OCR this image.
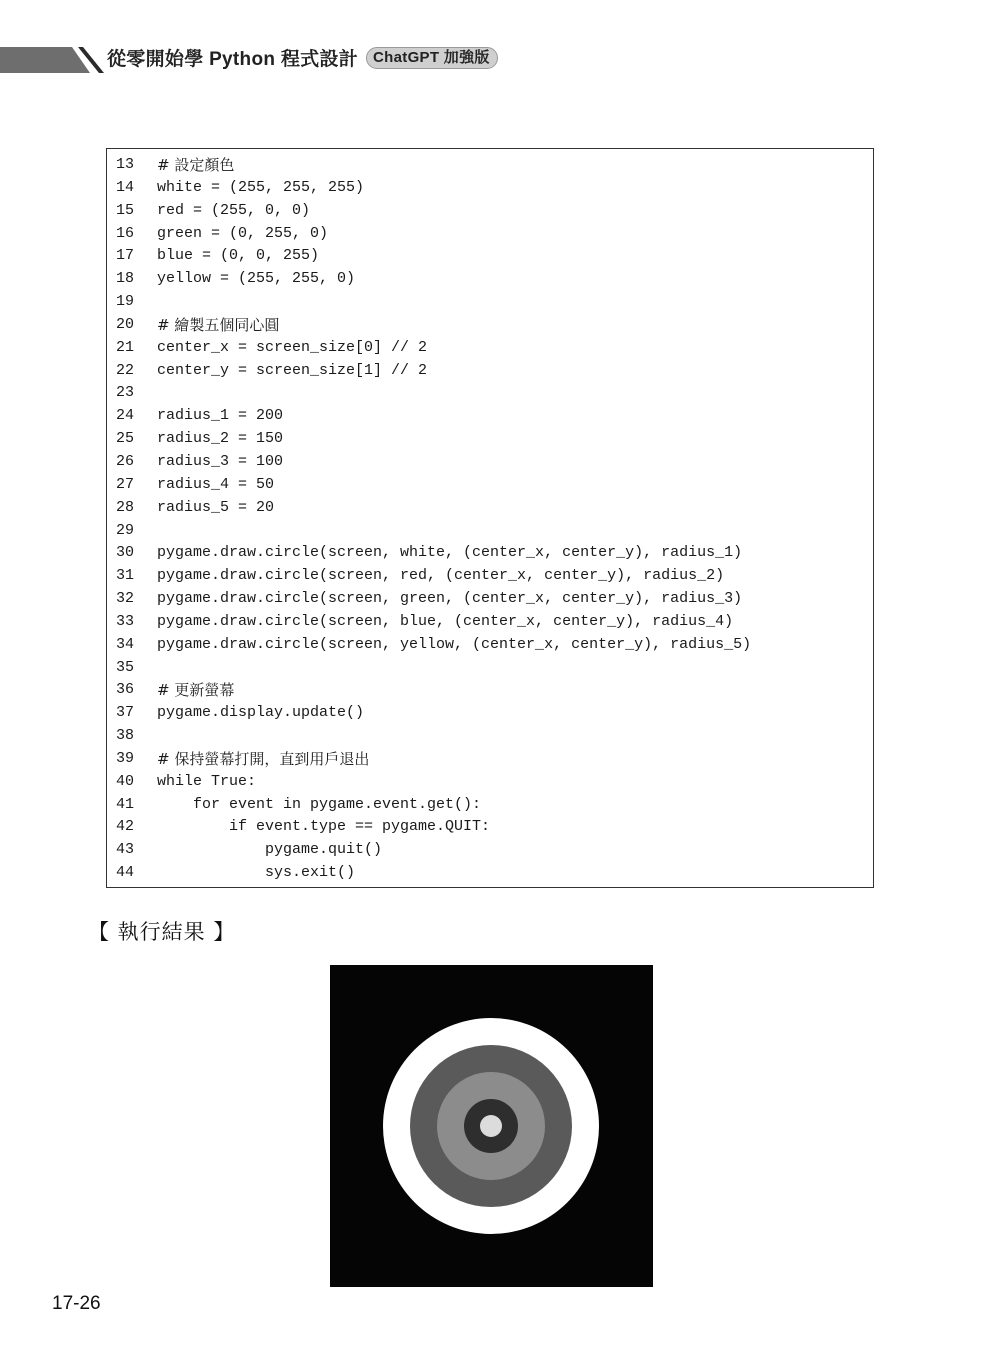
從零開始學 Python 程式設計	ChatGPT 加強版
13	# 設定顏色
14	white = (255, 255, 255)
15	red = (255, 0, 0)
16	green = (0, 255, 0)
17	blue = (0, 0, 255)
18	yellow = (255, 255, 0)
19
20	# 繪製五個同心圓
21	center_x = screen_size[0] // 2
22	center_y = screen_size[1] // 2
23
24	radius_1 = 200
25	radius_2 = 150
26	radius_3 = 100
27	radius_4 = 50
28	radius_5 = 20
29
30	pygame.draw.circle(screen, white, (center_x, center_y), radius_1)
31	pygame.draw.circle(screen, red, (center_x, center_y), radius_2)
32	pygame.draw.circle(screen, green, (center_x, center_y), radius_3)
33	pygame.draw.circle(screen, blue, (center_x, center_y), radius_4)
34	pygame.draw.circle(screen, yellow, (center_x, center_y), radius_5)
35
36	# 更新螢幕
37	pygame.display.update()
38
39	# 保持螢幕打開，直到用戶退出
40	while True:
41	for event in pygame.event.get():
42	if event.type == pygame.QUIT:
43	pygame.quit()
44	sys.exit()
【 執行結果 】
17-26
